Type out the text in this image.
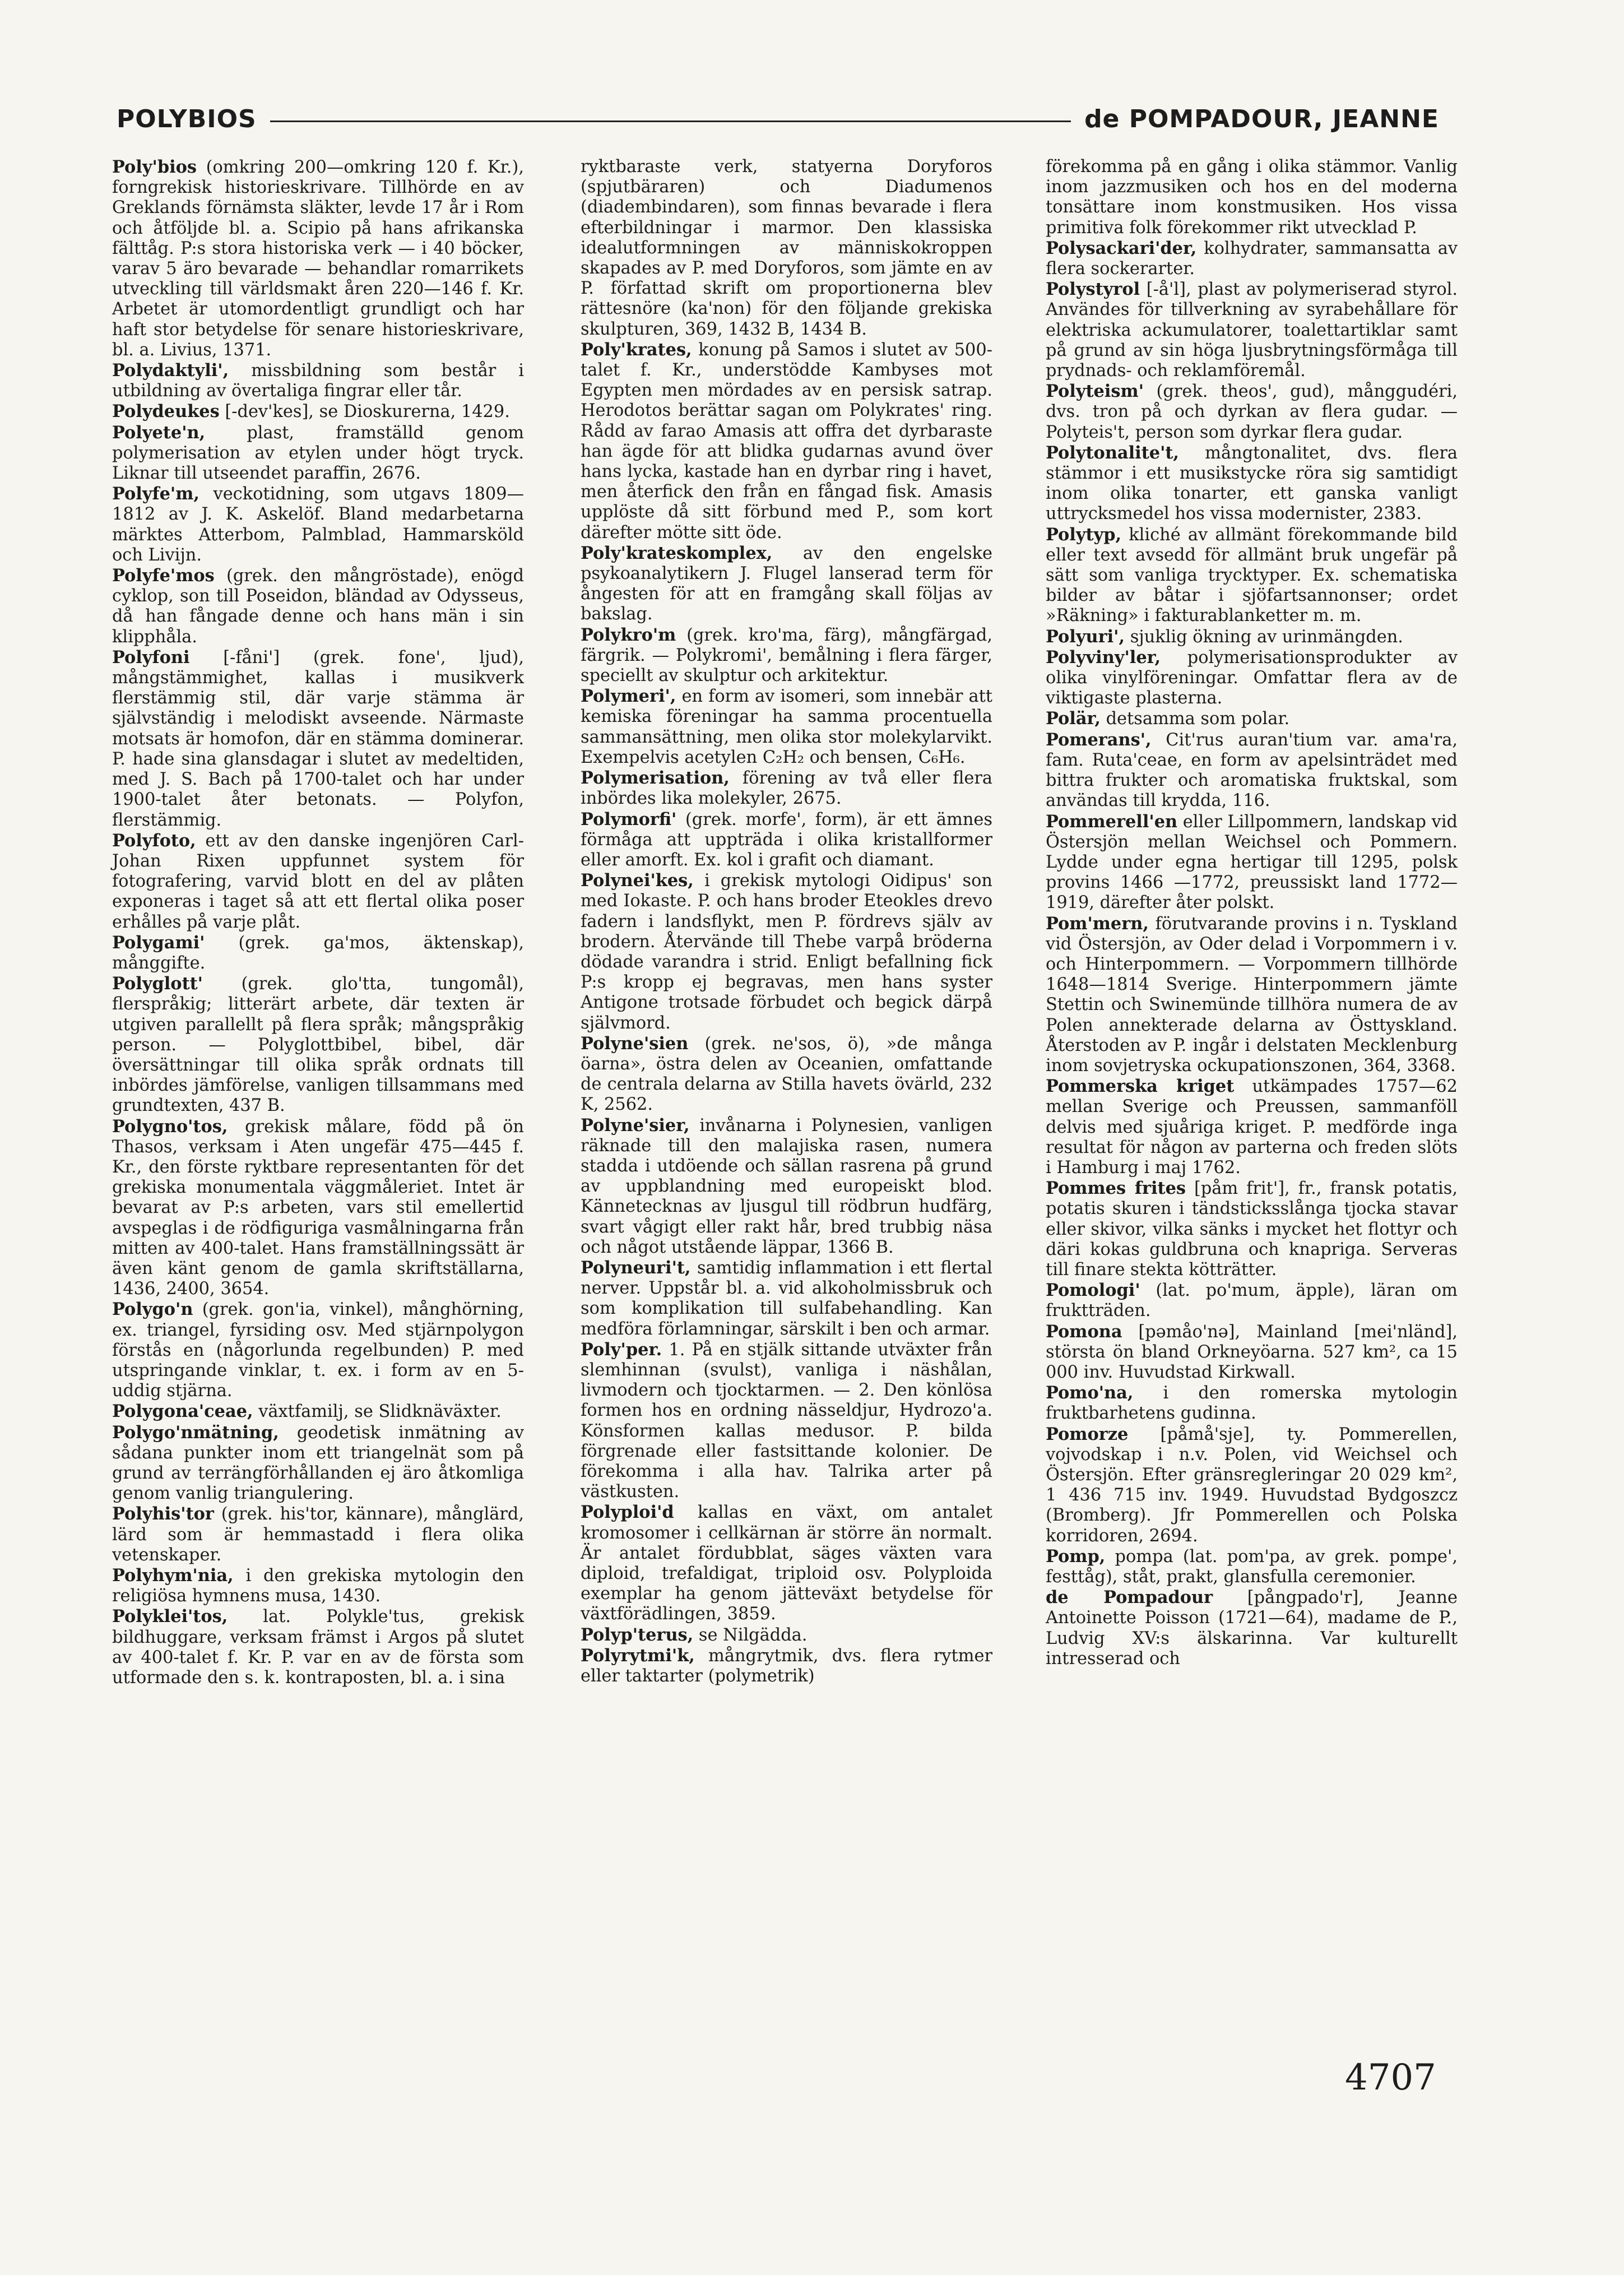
POLYBIOS	de POMPADOUR, JEANNE

Poly'bios (omkring 200—omkring 120 f. Kr.), forngrekisk historieskrivare. Tillhörde en av Greklands förnämsta släkter, levde 17 år i Rom och åtföljde bl. a. Scipio på hans afrikanska fälttåg. P:s stora historiska verk — i 40 böcker, varav 5 äro bevarade — behandlar romarrikets utveckling till världsmakt åren 220—146 f. Kr. Arbetet är utomordentligt grundligt och har haft stor betydelse för senare historieskrivare, bl. a. Livius, 1371.

Polydaktyli', missbildning som består i utbildning av övertaliga fingrar eller tår.

Polydeukes [-dev'kes], se Dioskurerna, 1429.

Polyete'n, plast, framställd genom polymerisation av etylen under högt tryck. Liknar till utseendet paraffin, 2676.

Polyfe'm, veckotidning, som utgavs 1809—1812 av J. K. Askelöf. Bland medarbetarna märktes Atterbom, Palmblad, Hammarsköld och Livijn.

Polyfe'mos (grek. den mångröstade), enögd cyklop, son till Poseidon, bländad av Odysseus, då han fångade denne och hans män i sin klipphåla.

Polyfoni [-fåni'] (grek. fone', ljud), mångstämmighet, kallas i musikverk flerstämmig stil, där varje stämma är självständig i melodiskt avseende. Närmaste motsats är homofon, där en stämma dominerar. P. hade sina glansdagar i slutet av medeltiden, med J. S. Bach på 1700-talet och har under 1900-talet åter betonats. — Polyfon, flerstämmig.

Polyfoto, ett av den danske ingenjören Carl-Johan Rixen uppfunnet system för fotografering, varvid blott en del av plåten exponeras i taget så att ett flertal olika poser erhålles på varje plåt.

Polygami' (grek. ga'mos, äktenskap), månggifte.

Polyglott' (grek. glo'tta, tungomål), flerspråkig; litterärt arbete, där texten är utgiven parallellt på flera språk; mångspråkig person. — Polyglottbibel, bibel, där översättningar till olika språk ordnats till inbördes jämförelse, vanligen tillsammans med grundtexten, 437 B.

Polygno'tos, grekisk målare, född på ön Thasos, verksam i Aten ungefär 475—445 f. Kr., den förste ryktbare representanten för det grekiska monumentala väggmåleriet. Intet är bevarat av P:s arbeten, vars stil emellertid avspeglas i de rödfiguriga vasmålningarna från mitten av 400-talet. Hans framställningssätt är även känt genom de gamla skriftställarna, 1436, 2400, 3654.

Polygo'n (grek. gon'ia, vinkel), månghörning, ex. triangel, fyrsiding osv. Med stjärnpolygon förstås en (någorlunda regelbunden) P. med utspringande vinklar, t. ex. i form av en 5-uddig stjärna.

Polygona'ceae, växtfamilj, se Slidknäväxter.

Polygo'nmätning, geodetisk inmätning av sådana punkter inom ett triangelnät som på grund av terrängförhållanden ej äro åtkomliga genom vanlig triangulering.

Polyhis'tor (grek. his'tor, kännare), månglärd, lärd som är hemmastadd i flera olika vetenskaper.

Polyhym'nia, i den grekiska mytologin den religiösa hymnens musa, 1430.

Polyklei'tos, lat. Polykle'tus, grekisk bildhuggare, verksam främst i Argos på slutet av 400-talet f. Kr. P. var en av de första som utformade den s. k. kontraposten, bl. a. i sina

ryktbaraste verk, statyerna Doryforos (spjutbäraren) och Diadumenos (diadembindaren), som finnas bevarade i flera efterbildningar i marmor. Den klassiska idealutformningen av människokroppen skapades av P. med Doryforos, som jämte en av P. författad skrift om proportionerna blev rättesnöre (ka'non) för den följande grekiska skulpturen, 369, 1432 B, 1434 B.

Poly'krates, konung på Samos i slutet av 500-talet f. Kr., understödde Kambyses mot Egypten men mördades av en persisk satrap. Herodotos berättar sagan om Polykrates' ring. Rådd av farao Amasis att offra det dyrbaraste han ägde för att blidka gudarnas avund över hans lycka, kastade han en dyrbar ring i havet, men återfick den från en fångad fisk. Amasis upplöste då sitt förbund med P., som kort därefter mötte sitt öde.

Poly'krateskomplex, av den engelske psykoanalytikern J. Flugel lanserad term för ångesten för att en framgång skall följas av bakslag.

Polykro'm (grek. kro'ma, färg), mångfärgad, färgrik. — Polykromi', bemålning i flera färger, speciellt av skulptur och arkitektur.

Polymeri', en form av isomeri, som innebär att kemiska föreningar ha samma procentuella sammansättning, men olika stor molekylarvikt. Exempelvis acetylen C₂H₂ och bensen, C₆H₆.

Polymerisation, förening av två eller flera inbördes lika molekyler, 2675.

Polymorfi' (grek. morfe', form), är ett ämnes förmåga att uppträda i olika kristallformer eller amorft. Ex. kol i grafit och diamant.

Polynei'kes, i grekisk mytologi Oidipus' son med Iokaste. P. och hans broder Eteokles drevo fadern i landsflykt, men P. fördrevs själv av brodern. Återvände till Thebe varpå bröderna dödade varandra i strid. Enligt befallning fick P:s kropp ej begravas, men hans syster Antigone trotsade förbudet och begick därpå självmord.

Polyne'sien (grek. ne'sos, ö), »de många öarna», östra delen av Oceanien, omfattande de centrala delarna av Stilla havets övärld, 232 K, 2562.

Polyne'sier, invånarna i Polynesien, vanligen räknade till den malajiska rasen, numera stadda i utdöende och sällan rasrena på grund av uppblandning med europeiskt blod. Kännetecknas av ljusgul till rödbrun hudfärg, svart vågigt eller rakt hår, bred trubbig näsa och något utstående läppar, 1366 B.

Polyneuri't, samtidig inflammation i ett flertal nerver. Uppstår bl. a. vid alkoholmissbruk och som komplikation till sulfabehandling. Kan medföra förlamningar, särskilt i ben och armar.

Poly'per. 1. På en stjälk sittande utväxter från slemhinnan (svulst), vanliga i näshålan, livmodern och tjocktarmen. — 2. Den könlösa formen hos en ordning nässeldjur, Hydrozo'a. Könsformen kallas medusor. P. bilda förgrenade eller fastsittande kolonier. De förekomma i alla hav. Talrika arter på västkusten.

Polyploi'd kallas en växt, om antalet kromosomer i cellkärnan är större än normalt. Är antalet fördubblat, säges växten vara diploid, trefaldigat, triploid osv. Polyploida exemplar ha genom jätteväxt betydelse för växtförädlingen, 3859.

Polyp'terus, se Nilgädda.

Polyrytmi'k, mångrytmik, dvs. flera rytmer eller taktarter (polymetrik)

förekomma på en gång i olika stämmor. Vanlig inom jazzmusiken och hos en del moderna tonsättare inom konstmusiken. Hos vissa primitiva folk förekommer rikt utvecklad P.

Polysackari'der, kolhydrater, sammansatta av flera sockerarter.

Polystyrol [-å'l], plast av polymeriserad styrol. Användes för tillverkning av syrabehållare för elektriska ackumulatorer, toalettartiklar samt på grund av sin höga ljusbrytningsförmåga till prydnads- och reklamföremål.

Polyteism' (grek. theos', gud), månggudéri, dvs. tron på och dyrkan av flera gudar. — Polyteis't, person som dyrkar flera gudar.

Polytonalite't, mångtonalitet, dvs. flera stämmor i ett musikstycke röra sig samtidigt inom olika tonarter, ett ganska vanligt uttrycksmedel hos vissa modernister, 2383.

Polytyp, kliché av allmänt förekommande bild eller text avsedd för allmänt bruk ungefär på sätt som vanliga trycktyper. Ex. schematiska bilder av båtar i sjöfartsannonser; ordet »Räkning» i fakturablanketter m. m.

Polyuri', sjuklig ökning av urinmängden.

Polyviny'ler, polymerisationsprodukter av olika vinylföreningar. Omfattar flera av de viktigaste plasterna.

Polär, detsamma som polar.

Pomerans', Cit'rus auran'tium var. ama'ra, fam. Ruta'ceae, en form av apelsinträdet med bittra frukter och aromatiska fruktskal, som användas till krydda, 116.

Pommerell'en eller Lillpommern, landskap vid Östersjön mellan Weichsel och Pommern. Lydde under egna hertigar till 1295, polsk provins 1466 —1772, preussiskt land 1772—1919, därefter åter polskt.

Pom'mern, förutvarande provins i n. Tyskland vid Östersjön, av Oder delad i Vorpommern i v. och Hinterpommern. — Vorpommern tillhörde 1648—1814 Sverige. Hinterpommern jämte Stettin och Swinemünde tillhöra numera de av Polen annekterade delarna av Östtyskland. Återstoden av P. ingår i delstaten Mecklenburg inom sovjetryska ockupationszonen, 364, 3368.

Pommerska kriget utkämpades 1757—62 mellan Sverige och Preussen, sammanföll delvis med sjuåriga kriget. P. medförde inga resultat för någon av parterna och freden slöts i Hamburg i maj 1762.

Pommes frites [påm frit'], fr., fransk potatis, potatis skuren i tändsticksslånga tjocka stavar eller skivor, vilka sänks i mycket het flottyr och däri kokas guldbruna och knapriga. Serveras till finare stekta kötträtter.

Pomologi' (lat. po'mum, äpple), läran om fruktträden.

Pomona [pəmåo'nə], Mainland [mei'nländ], största ön bland Orkneyöarna. 527 km², ca 15 000 inv. Huvudstad Kirkwall.

Pomo'na, i den romerska mytologin fruktbarhetens gudinna.

Pomorze [påmå'sje], ty. Pommerellen, vojvodskap i n.v. Polen, vid Weichsel och Östersjön. Efter gränsregleringar 20 029 km², 1 436 715 inv. 1949. Huvudstad Bydgoszcz (Bromberg). Jfr Pommerellen och Polska korridoren, 2694.

Pomp, pompa (lat. pom'pa, av grek. pompe', festtåg), ståt, prakt, glansfulla ceremonier.

de Pompadour [pångpado'r], Jeanne Antoinette Poisson (1721—64), madame de P., Ludvig XV:s älskarinna. Var kulturellt intresserad och

4707
